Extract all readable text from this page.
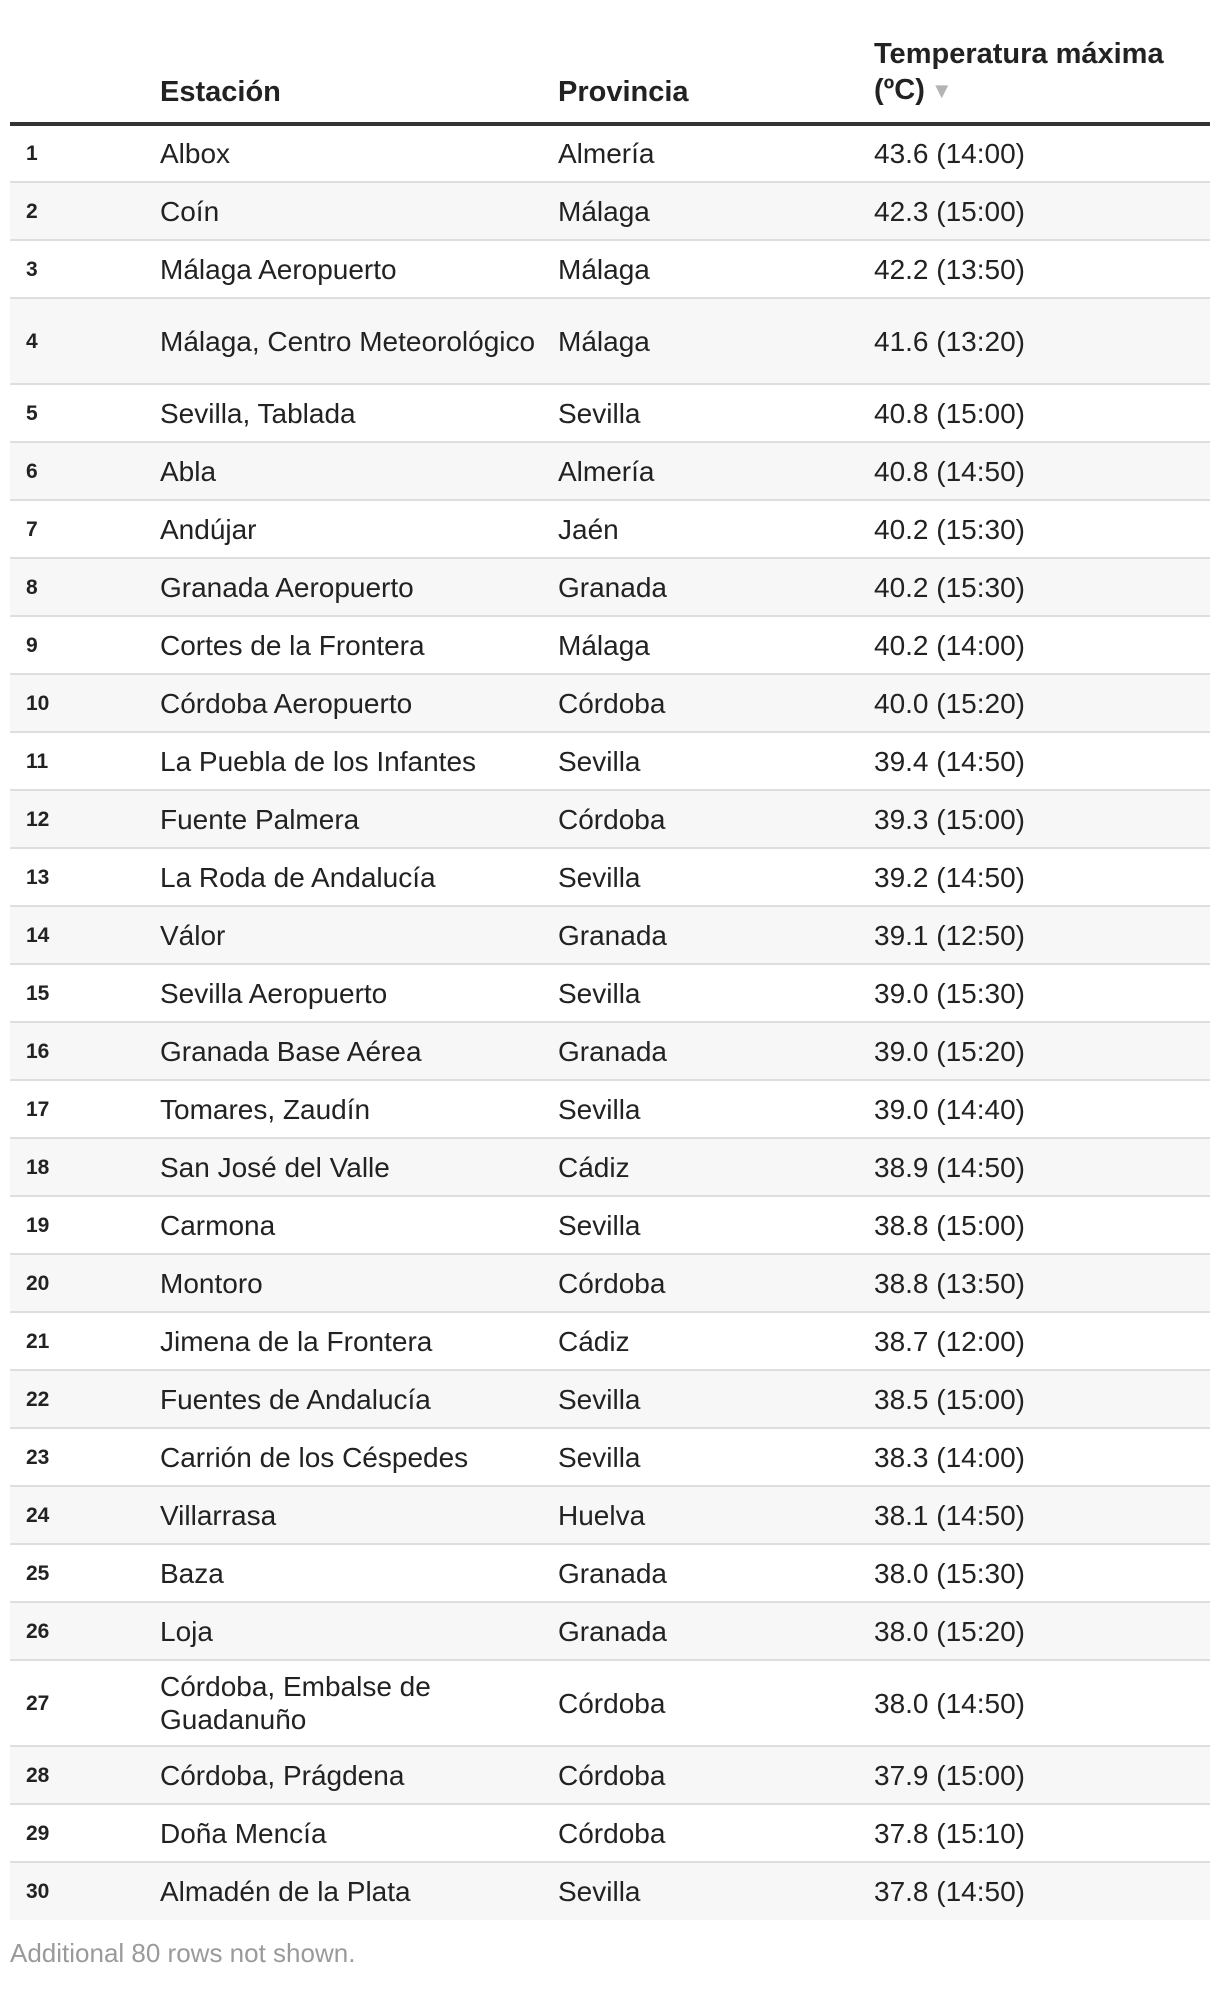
	Estación	Provincia	Temperatura máxima (ºC) ▼
1	Albox	Almería	43.6 (14:00)
2	Coín	Málaga	42.3 (15:00)
3	Málaga Aeropuerto	Málaga	42.2 (13:50)
4	Málaga, Centro Meteorológico	Málaga	41.6 (13:20)
5	Sevilla, Tablada	Sevilla	40.8 (15:00)
6	Abla	Almería	40.8 (14:50)
7	Andújar	Jaén	40.2 (15:30)
8	Granada Aeropuerto	Granada	40.2 (15:30)
9	Cortes de la Frontera	Málaga	40.2 (14:00)
10	Córdoba Aeropuerto	Córdoba	40.0 (15:20)
11	La Puebla de los Infantes	Sevilla	39.4 (14:50)
12	Fuente Palmera	Córdoba	39.3 (15:00)
13	La Roda de Andalucía	Sevilla	39.2 (14:50)
14	Válor	Granada	39.1 (12:50)
15	Sevilla Aeropuerto	Sevilla	39.0 (15:30)
16	Granada Base Aérea	Granada	39.0 (15:20)
17	Tomares, Zaudín	Sevilla	39.0 (14:40)
18	San José del Valle	Cádiz	38.9 (14:50)
19	Carmona	Sevilla	38.8 (15:00)
20	Montoro	Córdoba	38.8 (13:50)
21	Jimena de la Frontera	Cádiz	38.7 (12:00)
22	Fuentes de Andalucía	Sevilla	38.5 (15:00)
23	Carrión de los Céspedes	Sevilla	38.3 (14:00)
24	Villarrasa	Huelva	38.1 (14:50)
25	Baza	Granada	38.0 (15:30)
26	Loja	Granada	38.0 (15:20)
27	Córdoba, Embalse de Guadanuño	Córdoba	38.0 (14:50)
28	Córdoba, Prágdena	Córdoba	37.9 (15:00)
29	Doña Mencía	Córdoba	37.8 (15:10)
30	Almadén de la Plata	Sevilla	37.8 (14:50)
Additional 80 rows not shown.
